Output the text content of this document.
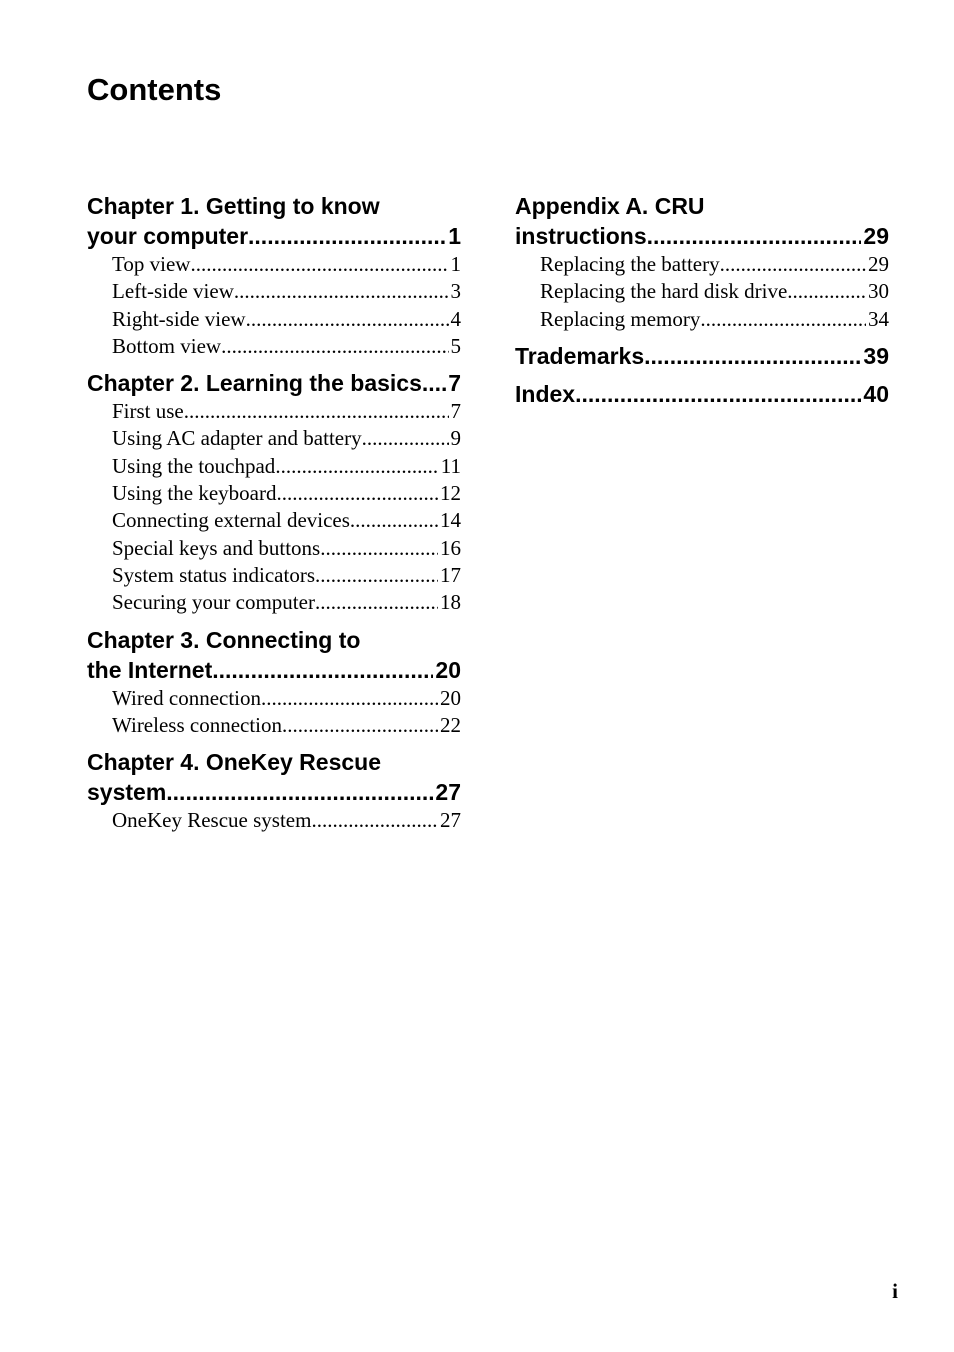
Contents
Chapter 1. Getting to know
your computer .....	1
Top view .....	1
Left-side view .....	3
Right-side view .....	4
Bottom view .....	5
Chapter 2. Learning the basics ..... 7
First use .....	7
Using AC adapter and battery .....	9
Using the touchpad .....	11
Using the keyboard .....	12
Connecting external devices .....	14
Special keys and buttons .....	16
System status indicators .....	17
Securing your computer .....	18
Chapter 3. Connecting to
the Internet .....	20
Wired connection .....	20
Wireless connection .....	22
Chapter 4. OneKey Rescue
system .....	27
OneKey Rescue system .....	27
Appendix A. CRU
instructions .....	29
Replacing the battery .....	29
Replacing the hard disk drive .....	30
Replacing memory .....	34
Trademarks .....	39
Index .....	40
i
